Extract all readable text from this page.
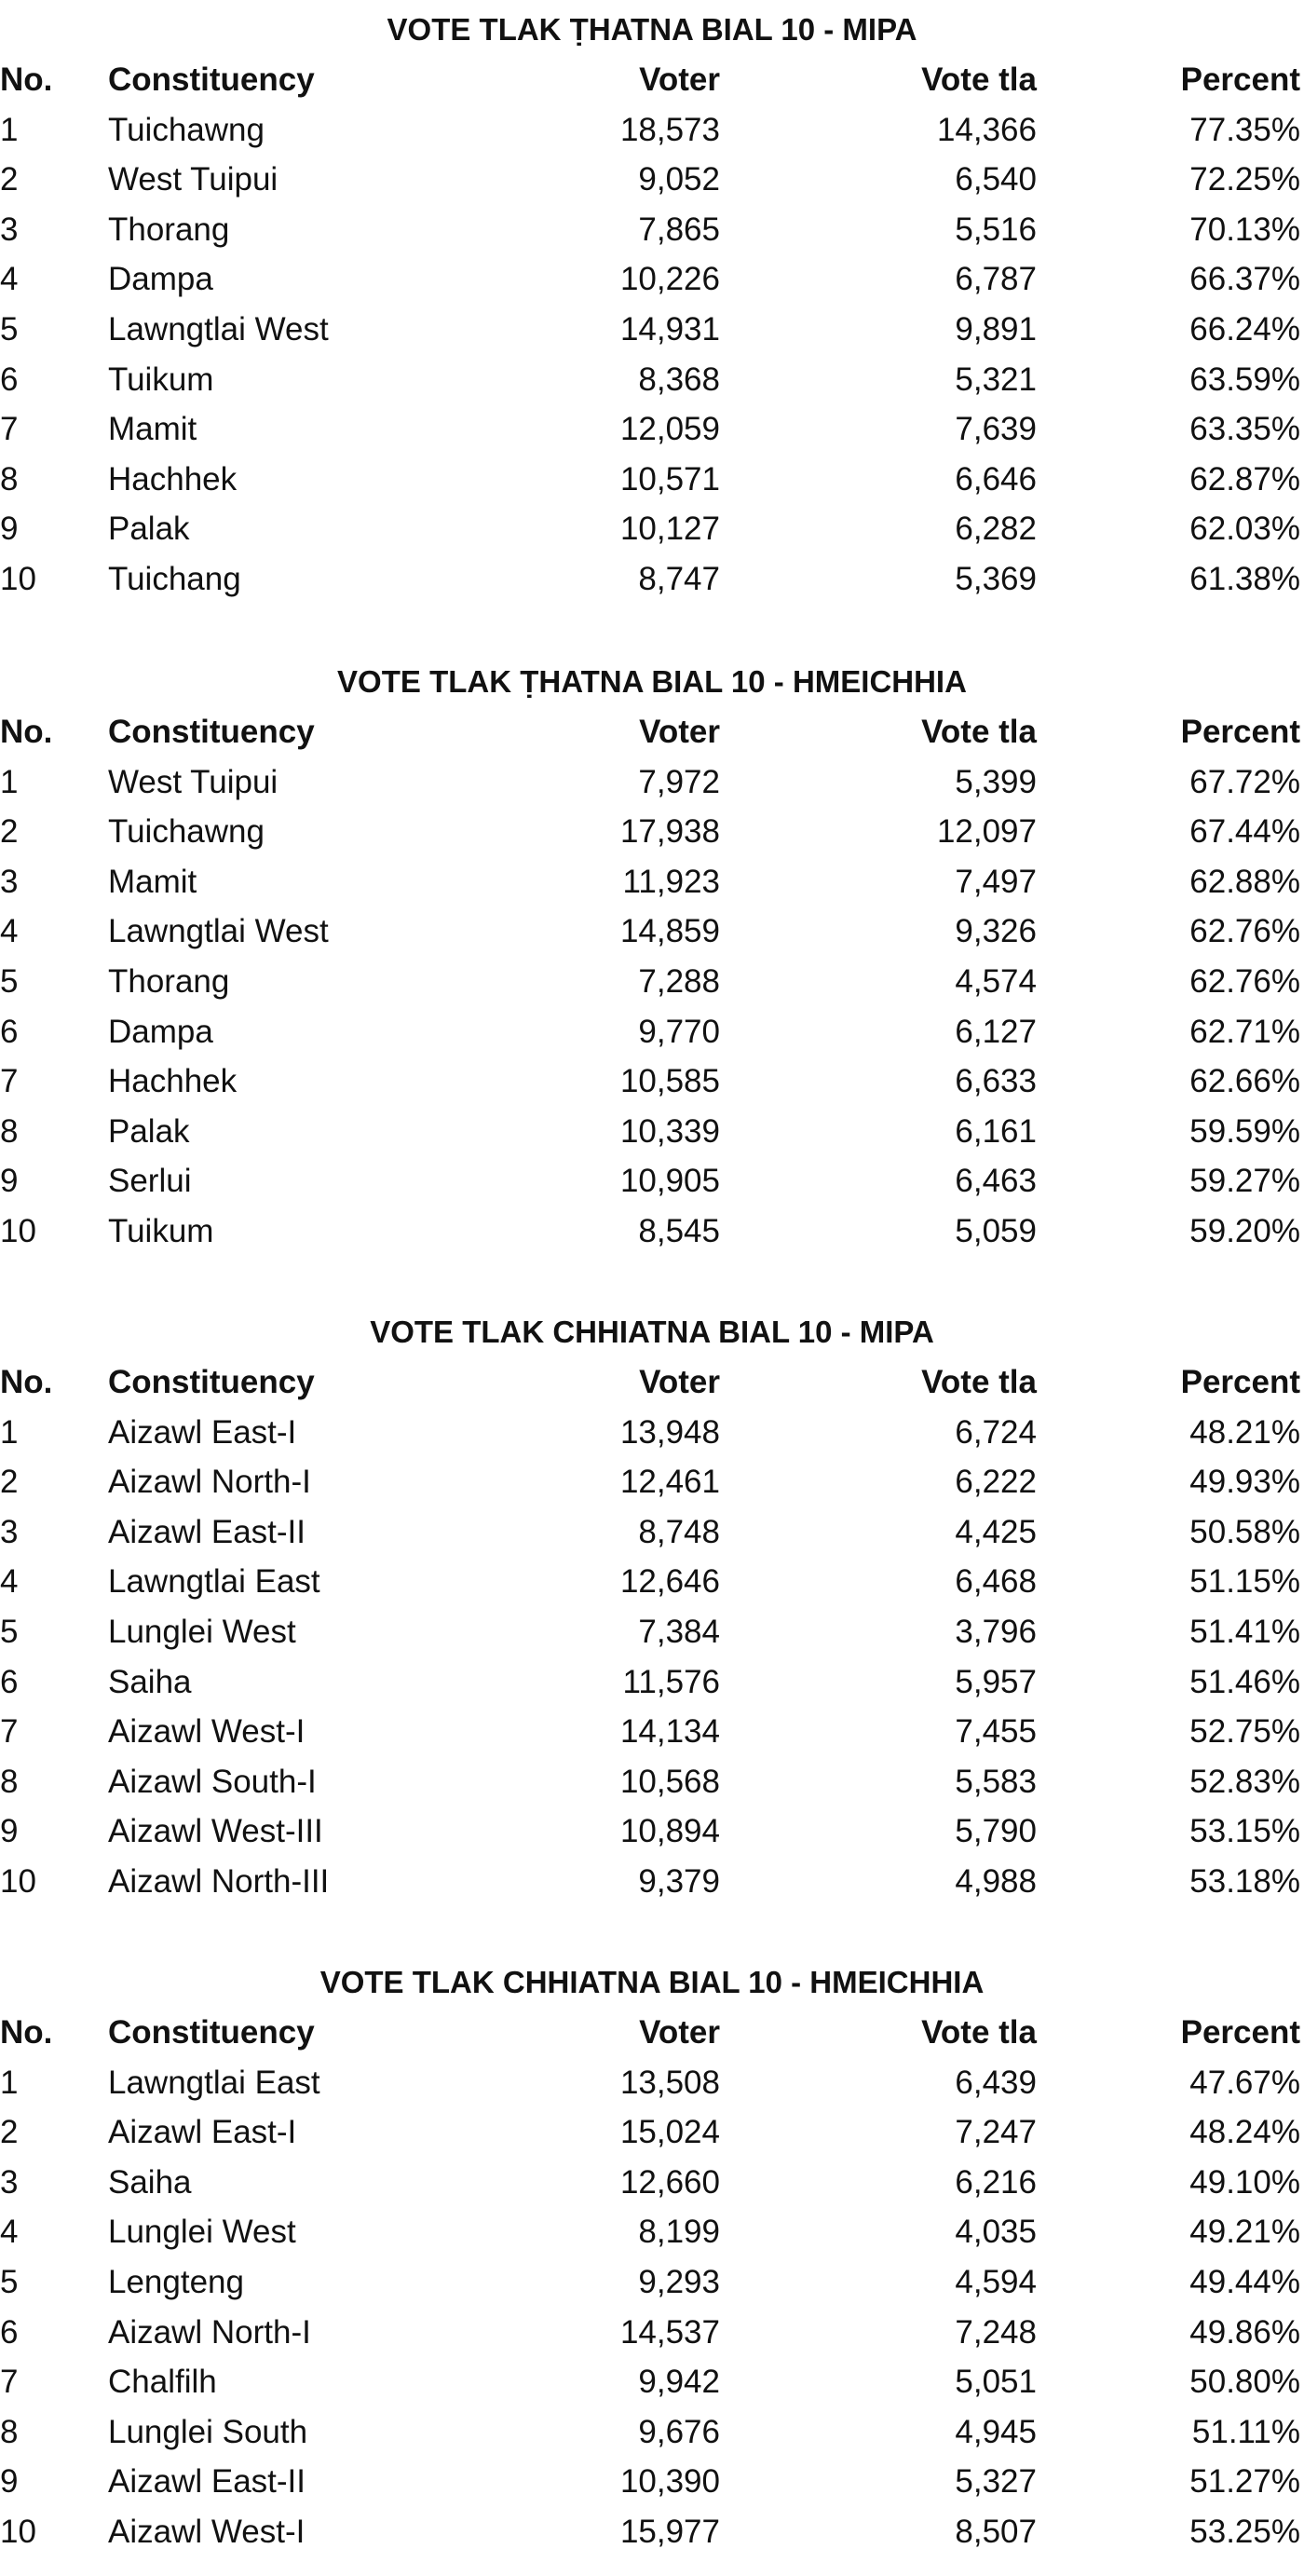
VOTE TLAK ṬHATNA BIAL 10 - MIPA
No.	Constituency	Voter	Vote tla	Percent
1	Tuichawng	18,573	14,366	77.35%
2	West Tuipui	9,052	6,540	72.25%
3	Thorang	7,865	5,516	70.13%
4	Dampa	10,226	6,787	66.37%
5	Lawngtlai West	14,931	9,891	66.24%
6	Tuikum	8,368	5,321	63.59%
7	Mamit	12,059	7,639	63.35%
8	Hachhek	10,571	6,646	62.87%
9	Palak	10,127	6,282	62.03%
10	Tuichang	8,747	5,369	61.38%
VOTE TLAK ṬHATNA BIAL 10 - HMEICHHIA
No.	Constituency	Voter	Vote tla	Percent
1	West Tuipui	7,972	5,399	67.72%
2	Tuichawng	17,938	12,097	67.44%
3	Mamit	11,923	7,497	62.88%
4	Lawngtlai West	14,859	9,326	62.76%
5	Thorang	7,288	4,574	62.76%
6	Dampa	9,770	6,127	62.71%
7	Hachhek	10,585	6,633	62.66%
8	Palak	10,339	6,161	59.59%
9	Serlui	10,905	6,463	59.27%
10	Tuikum	8,545	5,059	59.20%
VOTE TLAK CHHIATNA BIAL 10 - MIPA
No.	Constituency	Voter	Vote tla	Percent
1	Aizawl East-I	13,948	6,724	48.21%
2	Aizawl North-I	12,461	6,222	49.93%
3	Aizawl East-II	8,748	4,425	50.58%
4	Lawngtlai East	12,646	6,468	51.15%
5	Lunglei West	7,384	3,796	51.41%
6	Saiha	11,576	5,957	51.46%
7	Aizawl West-I	14,134	7,455	52.75%
8	Aizawl South-I	10,568	5,583	52.83%
9	Aizawl West-III	10,894	5,790	53.15%
10	Aizawl North-III	9,379	4,988	53.18%
VOTE TLAK CHHIATNA BIAL 10 - HMEICHHIA
No.	Constituency	Voter	Vote tla	Percent
1	Lawngtlai East	13,508	6,439	47.67%
2	Aizawl East-I	15,024	7,247	48.24%
3	Saiha	12,660	6,216	49.10%
4	Lunglei West	8,199	4,035	49.21%
5	Lengteng	9,293	4,594	49.44%
6	Aizawl North-I	14,537	7,248	49.86%
7	Chalfilh	9,942	5,051	50.80%
8	Lunglei South	9,676	4,945	51.11%
9	Aizawl East-II	10,390	5,327	51.27%
10	Aizawl West-I	15,977	8,507	53.25%
